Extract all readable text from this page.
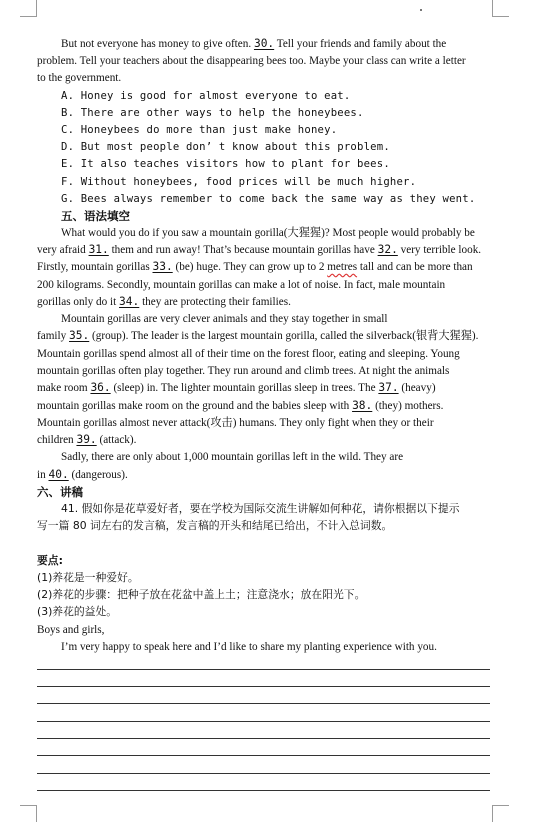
But not everyone has money to give often. 30. Tell your friends and family about the
problem. Tell your teachers about the disappearing bees too. Maybe your class can write a letter
to the government.
A. Honey is good for almost everyone to eat.
B. There are other ways to help the honeybees.
C. Honeybees do more than just make honey.
D. But most people don’ t know about this problem.
E. It also teaches visitors how to plant for bees.
F. Without honeybees, food prices will be much higher.
G. Bees always remember to come back the same way as they went.
五、语法填空
What would you do if you saw a mountain gorilla(大猩猩)? Most people would probably be
very afraid 31. them and run away! That’s because mountain gorillas have 32. very terrible look.
Firstly, mountain gorillas 33. (be) huge. They can grow up to 2 metres tall and can be more than
200 kilograms. Secondly, mountain gorillas can make a lot of noise. In fact, male mountain
gorillas only do it 34. they are protecting their families.
Mountain gorillas are very clever animals and they stay together in small
family 35. (group). The leader is the largest mountain gorilla, called the silverback(银背大猩猩).
Mountain gorillas spend almost all of their time on the forest floor, eating and sleeping. Young
mountain gorillas often play together. They run around and climb trees. At night the animals
make room 36. (sleep) in. The lighter mountain gorillas sleep in trees. The 37. (heavy)
mountain gorillas make room on the ground and the babies sleep with 38. (they) mothers.
Mountain gorillas almost never attack(攻击) humans. They only fight when they or their
children 39. (attack).
Sadly, there are only about 1,000 mountain gorillas left in the wild. They are
in 40. (dangerous).
六、讲稿
41. 假如你是花草爱好者，要在学校为国际交流生讲解如何种花，请你根据以下提示
写一篇 80 词左右的发言稿，发言稿的开头和结尾已给出，不计入总词数。
要点:
(1)养花是一种爱好。
(2)养花的步骤：把种子放在花盆中盖上土；注意浇水；放在阳光下。
(3)养花的益处。
Boys and girls,
I’m very happy to speak here and I’d like to share my planting experience with you.
